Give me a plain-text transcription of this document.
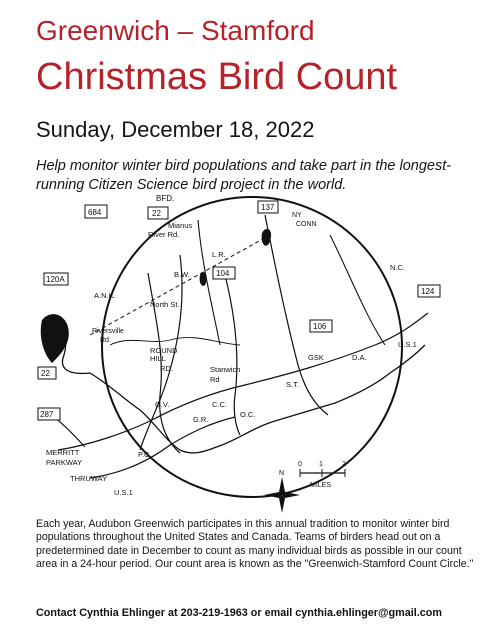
Greenwich – Stamford
Christmas Bird Count

Sunday, December 18, 2022

Help monitor winter bird populations and take part in the longest-running Citizen Science bird project in the world.

BFD.
684	22
137
NY
CONN
Mianus
River Rd.
L.R.
B.W.	104
N.C.
124
120A
A.N.K.
North St.
106
Riversville
Rd.
ROUND
HILL
RD.
GSK	D.A.
U.S.1
22	Stanwich
Rd
S.T.
G.V.	C.C.
O.C.
287
G.R.
MERRITT
PARKWAY
P.C.
THRUWAY
U.S.1
0 1	2
MILES
N

Each year, Audubon Greenwich participates in this annual tradition to monitor winter bird populations throughout the United States and Canada. Teams of birders head out on a predetermined date in December to count as many individual birds as possible in our count area in a 24-hour period. Our count area is known as the "Greenwich-Stamford Count Circle."

Contact Cynthia Ehlinger at 203-219-1963 or email cynthia.ehlinger@gmail.com
